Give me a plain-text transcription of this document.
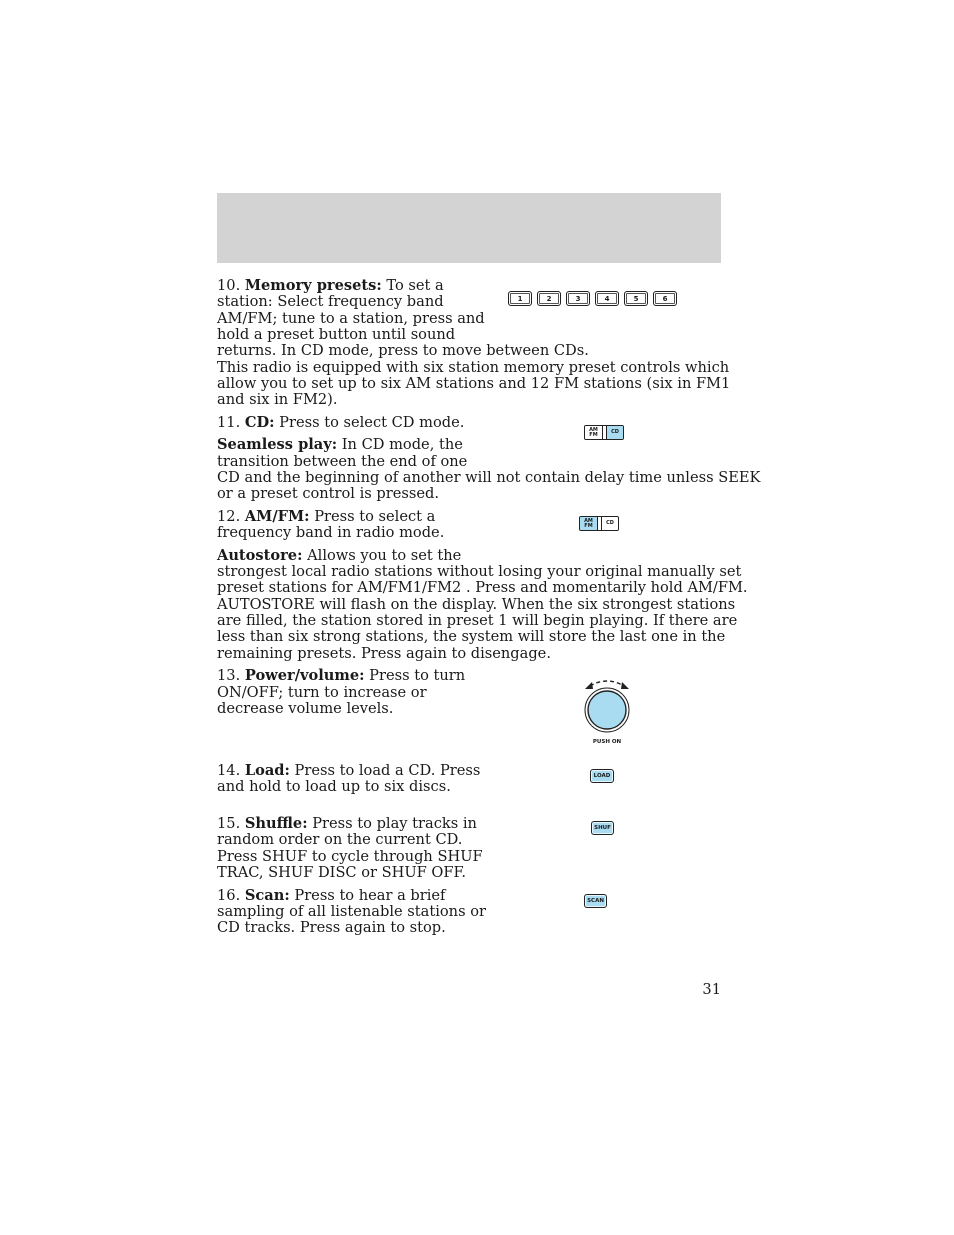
10. Memory presets: To set a

station: Select frequency band

AM/FM; tune to a station, press and

hold a preset button until sound

returns. In CD mode, press to move between CDs.

This radio is equipped with six station memory preset controls which

allow you to set up to six AM stations and 12 FM stations (six in FM1

and six in FM2).

1	2	3	4	5	6

11. CD: Press to select CD mode.

Seamless play: In CD mode, the

transition between the end of one

CD and the beginning of another will not contain delay time unless SEEK

or a preset control is pressed.

AM
FM	CD

12. AM/FM: Press to select a

frequency band in radio mode.

Autostore: Allows you to set the

strongest local radio stations without losing your original manually set

preset stations for AM/FM1/FM2 . Press and momentarily hold AM/FM.

AUTOSTORE will flash on the display. When the six strongest stations

are filled, the station stored in preset 1 will begin playing. If there are

less than six strong stations, the system will store the last one in the

remaining presets. Press again to disengage.

AM
FM	CD

13. Power/volume: Press to turn

ON/OFF; turn to increase or

decrease volume levels.

PUSH ON

14. Load: Press to load a CD. Press

and hold to load up to six discs.

LOAD

15. Shuffle: Press to play tracks in

random order on the current CD.

Press SHUF to cycle through SHUF

TRAC, SHUF DISC or SHUF OFF.

SHUF

16. Scan: Press to hear a brief

sampling of all listenable stations or

CD tracks. Press again to stop.

SCAN
31
